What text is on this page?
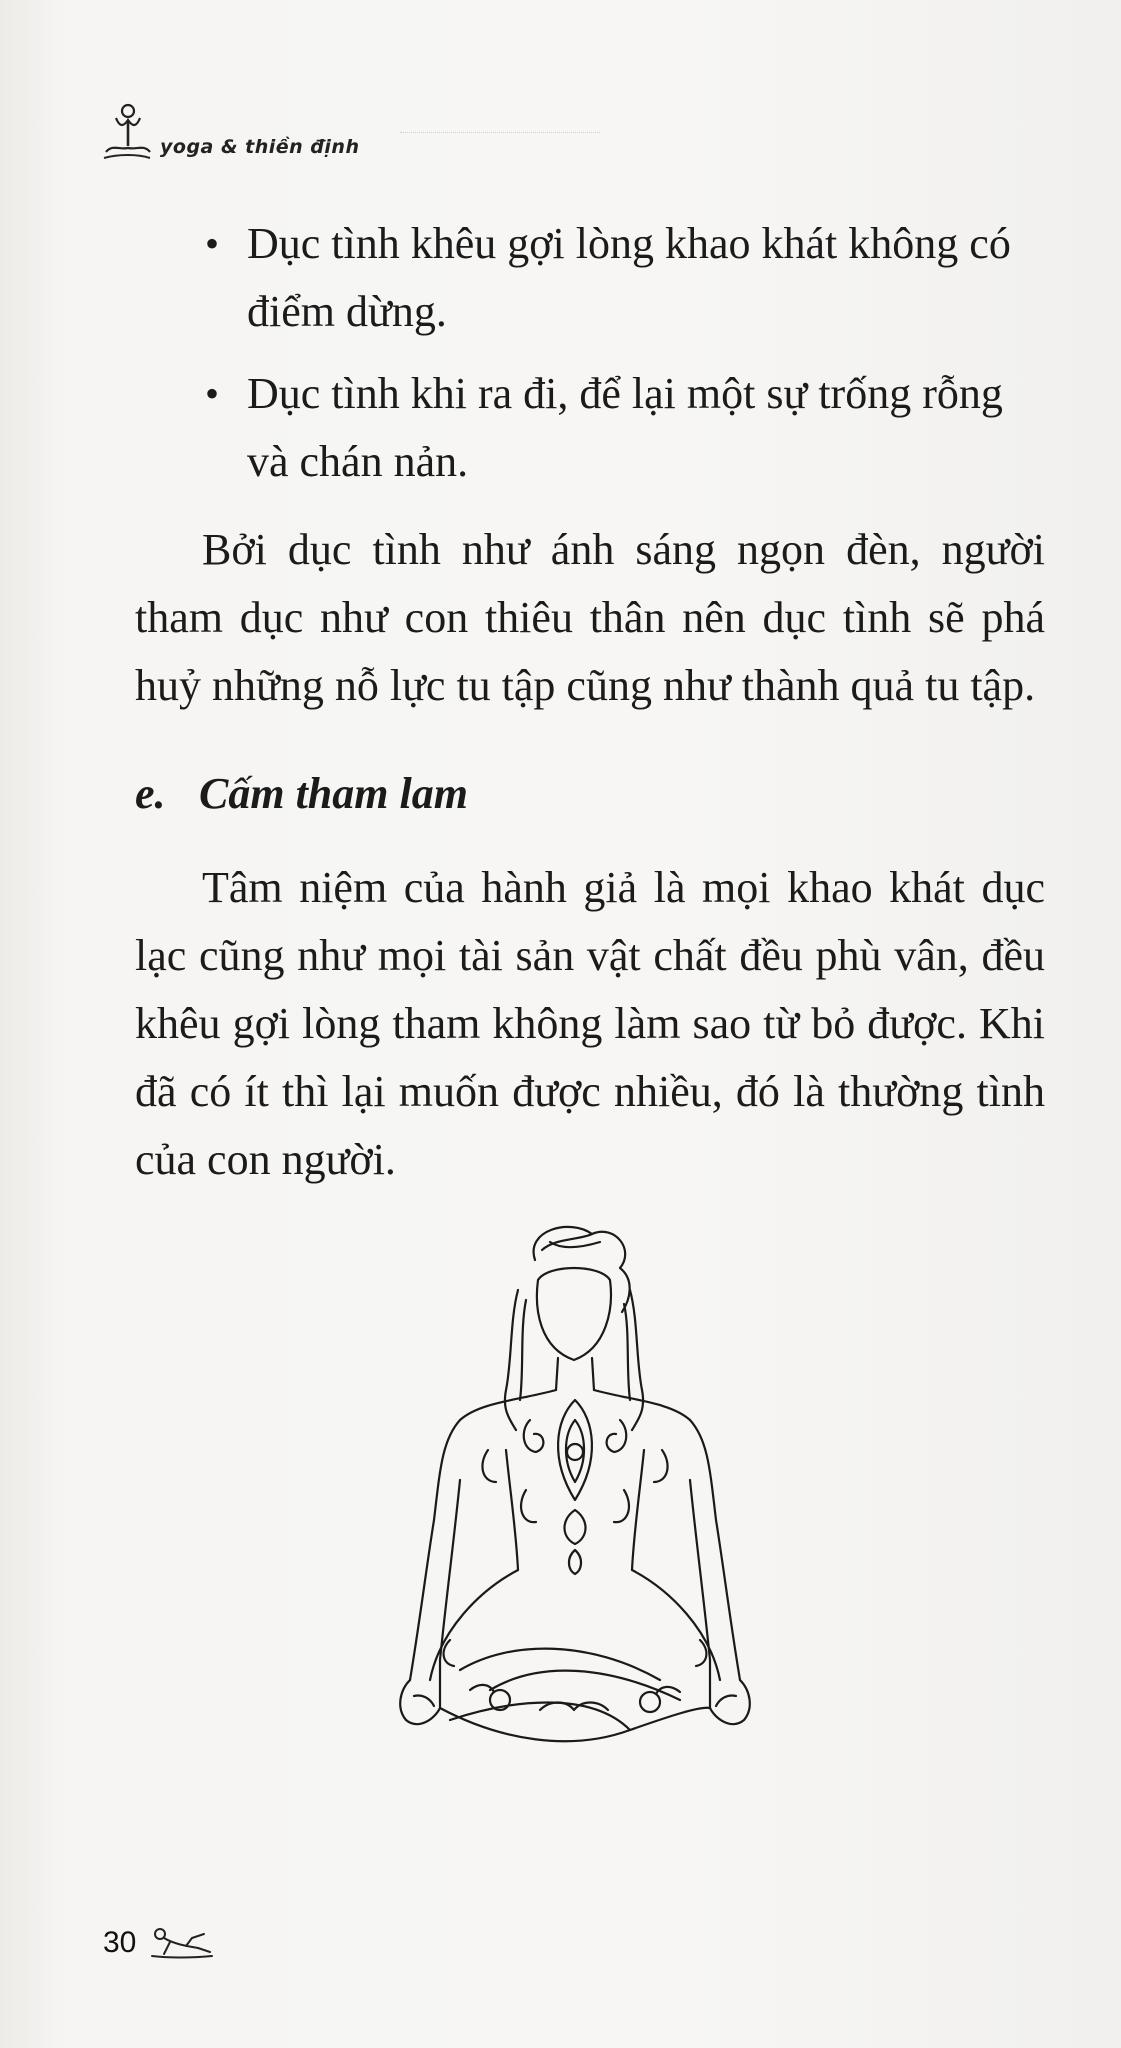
yoga & thiền định

• Dục tình khêu gợi lòng khao khát không có điểm dừng.

• Dục tình khi ra đi, để lại một sự trống rỗng và chán nản.

Bởi dục tình như ánh sáng ngọn đèn, người tham dục như con thiêu thân nên dục tình sẽ phá huỷ những nỗ lực tu tập cũng như thành quả tu tập.

e. Cấm tham lam

Tâm niệm của hành giả là mọi khao khát dục lạc cũng như mọi tài sản vật chất đều phù vân, đều khêu gợi lòng tham không làm sao từ bỏ được. Khi đã có ít thì lại muốn được nhiều, đó là thường tình của con người.

30
